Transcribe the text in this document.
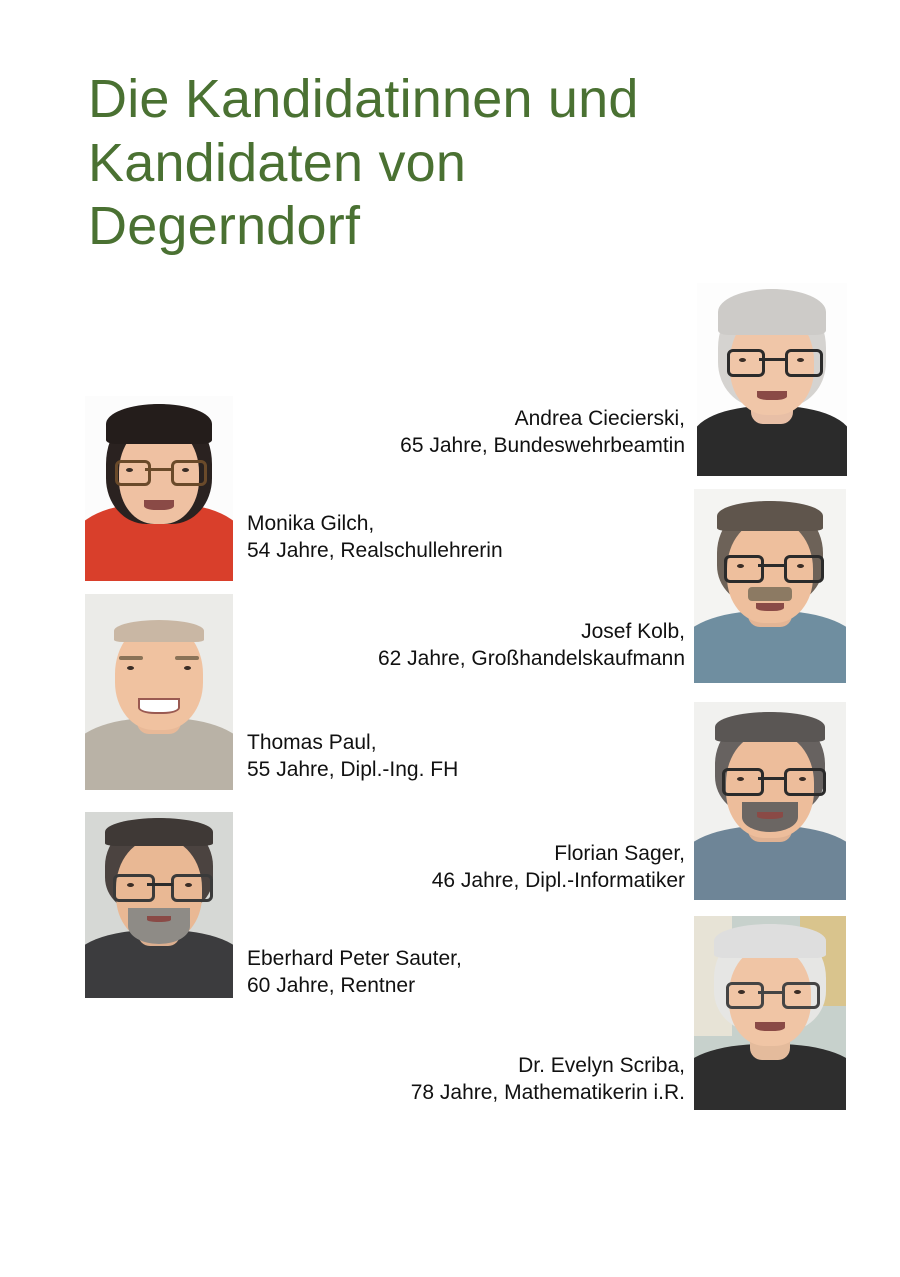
Die Kandidatinnen und
Kandidaten von
Degerndorf
Andrea Ciecierski,
65 Jahre, Bundeswehrbeamtin
Monika Gilch,
54 Jahre, Realschullehrerin
Josef Kolb,
62 Jahre, Großhandelskaufmann
Thomas Paul,
55 Jahre, Dipl.-Ing. FH
Florian Sager,
46 Jahre, Dipl.-Informatiker
Eberhard Peter Sauter,
60 Jahre, Rentner
Dr. Evelyn Scriba,
78 Jahre, Mathematikerin i.R.
